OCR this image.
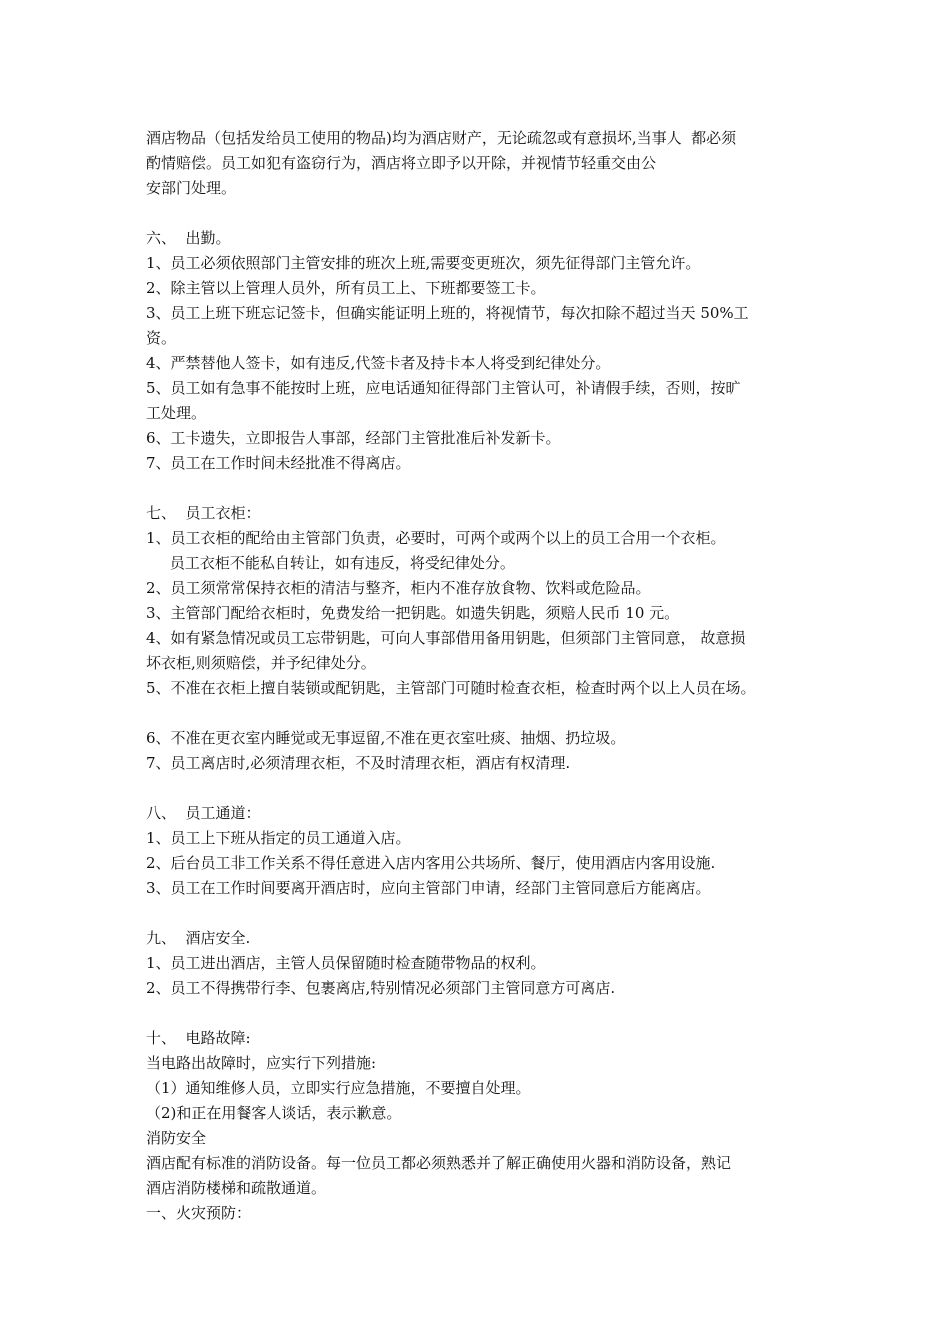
酒店物品（包括发给员工使用的物品)均为酒店财产，无论疏忽或有意损坏,当事人  都必须
酌情赔偿。员工如犯有盗窃行为，酒店将立即予以开除，并视情节轻重交由公
安部门处理。
六、  出勤。
1、员工必须依照部门主管安排的班次上班,需要变更班次，须先征得部门主管允许。
2、除主管以上管理人员外，所有员工上、下班都要签工卡。
3、员工上班下班忘记签卡，但确实能证明上班的，将视情节，每次扣除不超过当天 50%工
资。
4、严禁替他人签卡，如有违反,代签卡者及持卡本人将受到纪律处分。
5、员工如有急事不能按时上班，应电话通知征得部门主管认可，补请假手续，否则，按旷
工处理。
6、工卡遗失，立即报告人事部，经部门主管批准后补发新卡。
7、员工在工作时间未经批准不得离店。
七、  员工衣柜：
1、员工衣柜的配给由主管部门负责，必要时，可两个或两个以上的员工合用一个衣柜。
员工衣柜不能私自转让，如有违反，将受纪律处分。
2、员工须常常保持衣柜的清洁与整齐，柜内不准存放食物、饮料或危险品。
3、主管部门配给衣柜时，免费发给一把钥匙。如遗失钥匙，须赔人民币 10 元。
4、如有紧急情况或员工忘带钥匙，可向人事部借用备用钥匙，但须部门主管同意， 故意损
坏衣柜,则须赔偿，并予纪律处分。
5、不准在衣柜上擅自装锁或配钥匙，主管部门可随时检查衣柜，检查时两个以上人员在场。
6、不准在更衣室内睡觉或无事逗留,不准在更衣室吐痰、抽烟、扔垃圾。
7、员工离店时,必须清理衣柜，不及时清理衣柜，酒店有权清理.
八、  员工通道：
1、员工上下班从指定的员工通道入店。
2、后台员工非工作关系不得任意进入店内客用公共场所、餐厅，使用酒店内客用设施.
3、员工在工作时间要离开酒店时，应向主管部门申请，经部门主管同意后方能离店。
九、  酒店安全.
1、员工进出酒店，主管人员保留随时检查随带物品的权利。
2、员工不得携带行李、包裹离店,特别情况必须部门主管同意方可离店.
十、  电路故障:
当电路出故障时，应实行下列措施:
（1）通知维修人员，立即实行应急措施，不要擅自处理。
（2)和正在用餐客人谈话，表示歉意。
消防安全
酒店配有标准的消防设备。每一位员工都必须熟悉并了解正确使用火器和消防设备，熟记
酒店消防楼梯和疏散通道。
一、火灾预防：
